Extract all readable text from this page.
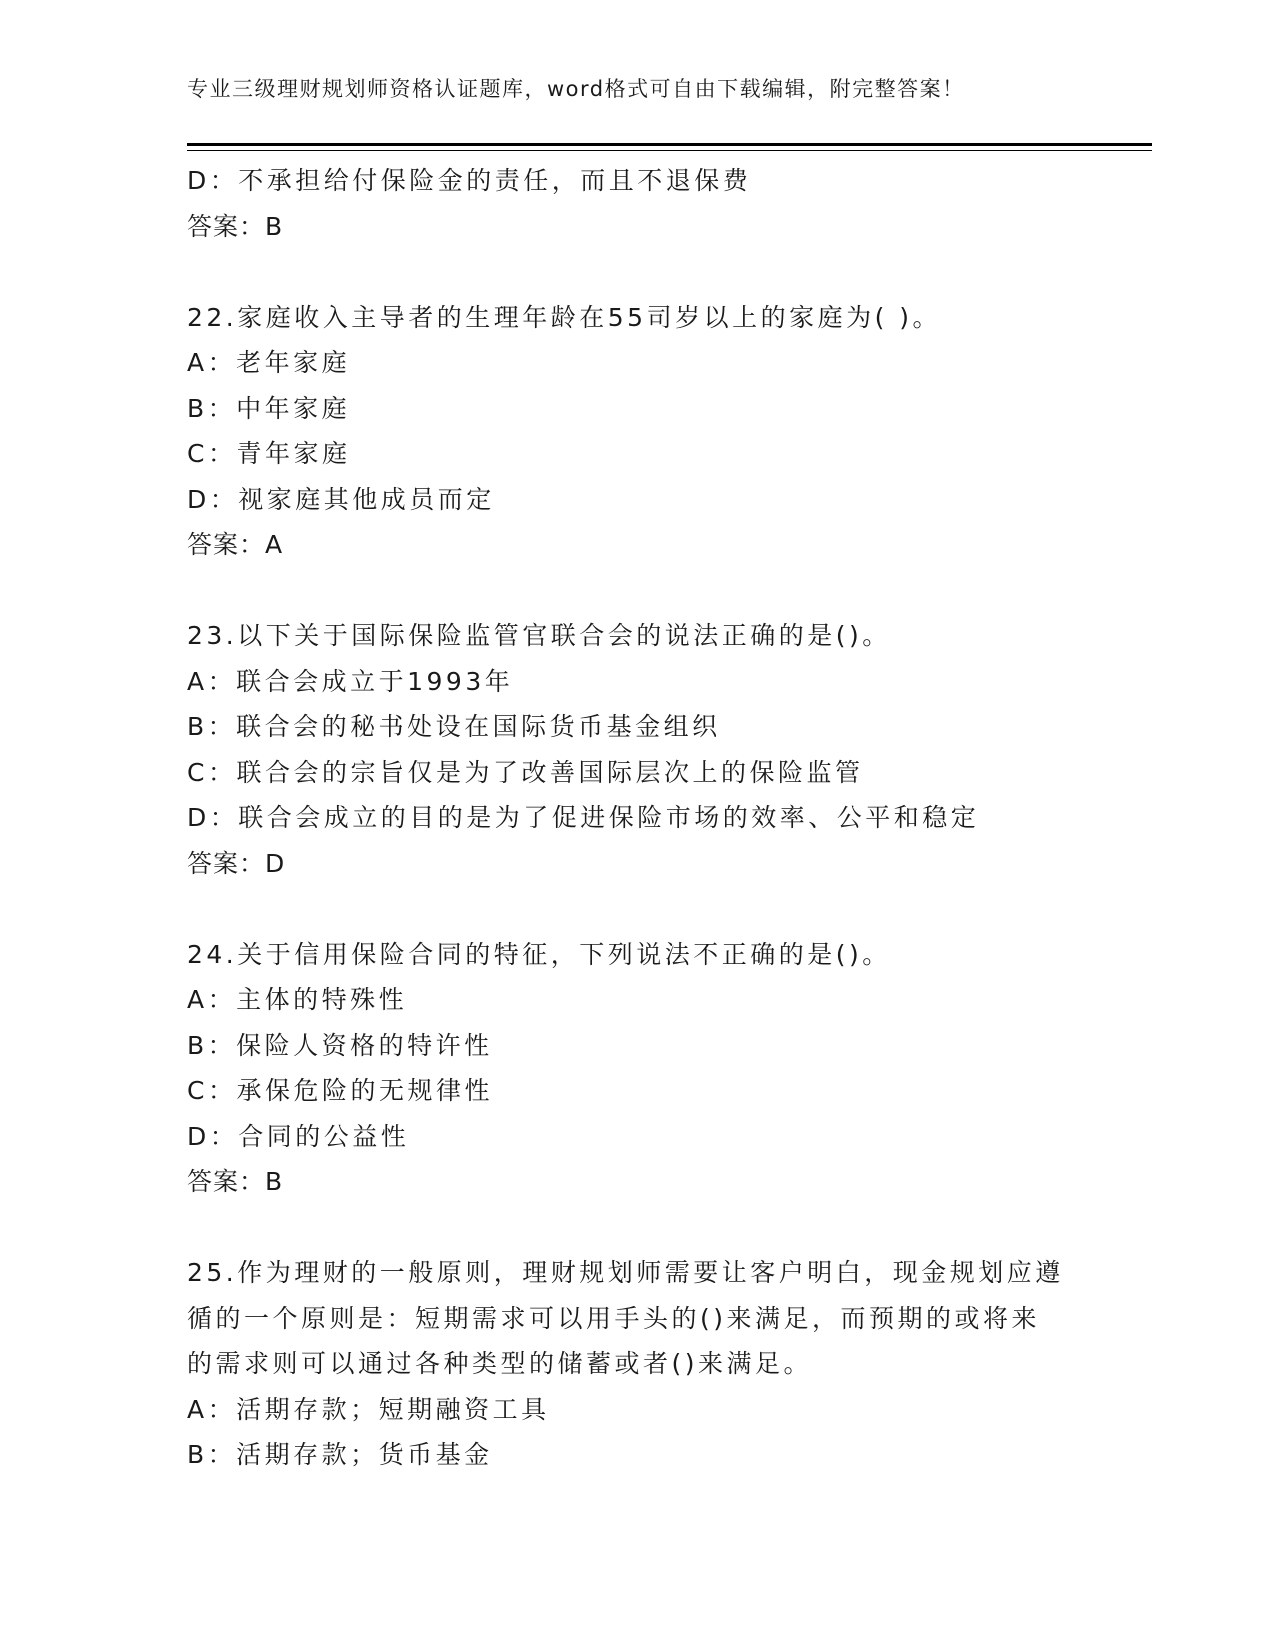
专业三级理财规划师资格认证题库，word格式可自由下载编辑，附完整答案！
D：不承担给付保险金的责任，而且不退保费
答案：B
22.家庭收入主导者的生理年龄在55司岁以上的家庭为( )。
A：老年家庭
B：中年家庭
C：青年家庭
D：视家庭其他成员而定
答案：A
23.以下关于国际保险监管官联合会的说法正确的是()。
A：联合会成立于1993年
B：联合会的秘书处设在国际货币基金组织
C：联合会的宗旨仅是为了改善国际层次上的保险监管
D：联合会成立的目的是为了促进保险市场的效率、公平和稳定
答案：D
24.关于信用保险合同的特征，下列说法不正确的是()。
A：主体的特殊性
B：保险人资格的特许性
C：承保危险的无规律性
D：合同的公益性
答案：B
25.作为理财的一般原则，理财规划师需要让客户明白，现金规划应遵
循的一个原则是：短期需求可以用手头的()来满足，而预期的或将来
的需求则可以通过各种类型的储蓄或者()来满足。
A：活期存款；短期融资工具
B：活期存款；货币基金
